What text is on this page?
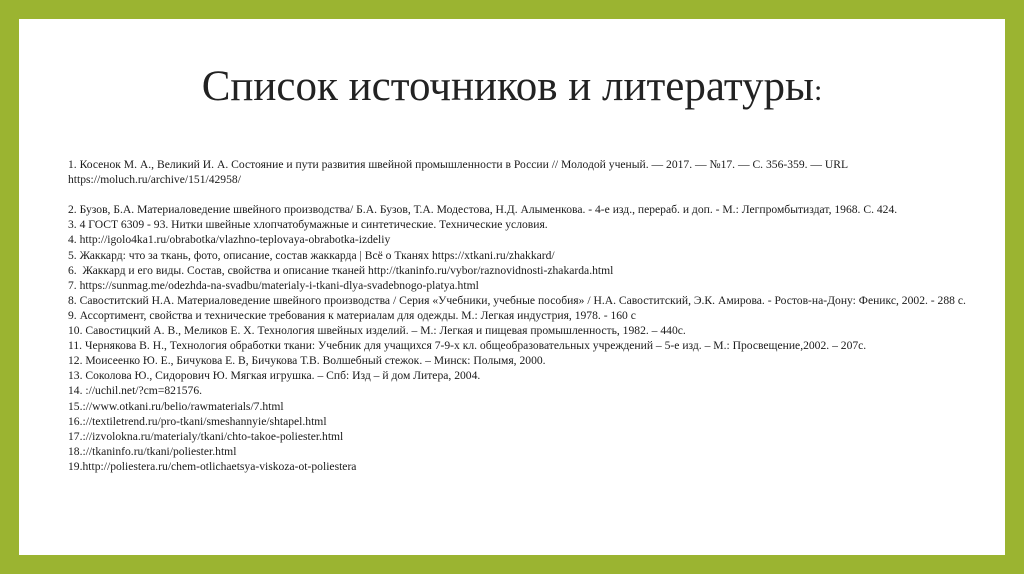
Список источников и литературы:

1. Косенок М. А., Великий И. А. Состояние и пути развития швейной промышленности в России // Молодой ученый. — 2017. — №17. — С. 356-359. — URL https://moluch.ru/archive/151/42958/

2. Бузов, Б.А. Материаловедение швейного производства/ Б.А. Бузов, Т.А. Модестова, Н.Д. Алыменкова. - 4-е изд., перераб. и доп. - М.: Легпромбытиздат, 1968. С. 424.

3. 4 ГОСТ 6309 - 93. Нитки швейные хлопчатобумажные и синтетические. Технические условия.

4. http://igolo4ka1.ru/obrabotka/vlazhno-teplovaya-obrabotka-izdeliy

5. Жаккард: что за ткань, фото, описание, состав жаккарда | Всё о Тканях https://xtkani.ru/zhakkard/

6.  Жаккард и его виды. Состав, свойства и описание тканей http://tkaninfo.ru/vybor/raznovidnosti-zhakarda.html

7. https://sunmag.me/odezhda-na-svadbu/materialy-i-tkani-dlya-svadebnogo-platya.html

8. Савоститский Н.А. Материаловедение швейного производства / Серия «Учебники, учебные пособия» / Н.А. Савоститский, Э.К. Амирова. - Ростов-на-Дону: Феникс, 2002. - 288 с.

9. Ассортимент, свойства и технические требования к материалам для одежды. М.: Легкая индустрия, 1978. - 160 с

10. Савостицкий А. В., Меликов Е. Х. Технология швейных изделий. – М.: Легкая и пищевая промышленность, 1982. – 440с.

11. Чернякова В. Н., Технология обработки ткани: Учебник для учащихся 7-9-х кл. общеобразовательных учреждений – 5-е изд. – М.: Просвещение,2002. – 207с.

12. Моисеенко Ю. Е., Бичукова Е. В, Бичукова Т.В. Волшебный стежок. – Минск: Полымя, 2000.

13. Соколова Ю., Сидорович Ю. Мягкая игрушка. – Спб: Изд – й дом Литера, 2004.

14. ://uchil.net/?cm=821576.

15.://www.otkani.ru/belio/rawmaterials/7.html

16.://textiletrend.ru/pro-tkani/smeshannyie/shtapel.html

17.://izvolokna.ru/materialy/tkani/chto-takoe-poliester.html

18.://tkaninfo.ru/tkani/poliester.html

19.http://poliestera.ru/chem-otlichaetsya-viskoza-ot-poliestera
